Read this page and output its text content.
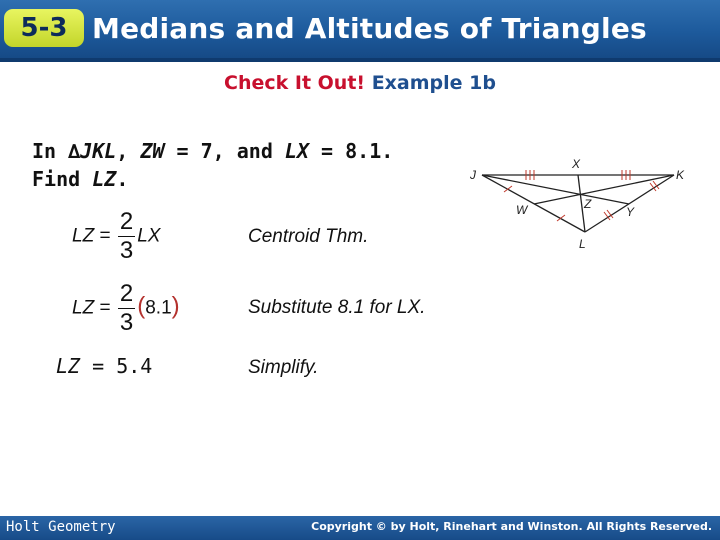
5-3 Medians and Altitudes of Triangles
Check It Out! Example 1b
In ∆JKL, ZW = 7, and LX = 8.1.
Find LZ.
LZ = $\frac{2}{3}$ LX	Centroid Thm.
LZ = $\frac{2}{3} (8.1)$	Substitute 8.1 for LX.
LZ = 5.4	Simplify.
J	K
L
X
W	Y
Z
Holt Geometry	Copyright © by Holt, Rinehart and Winston. All Rights Reserved.
